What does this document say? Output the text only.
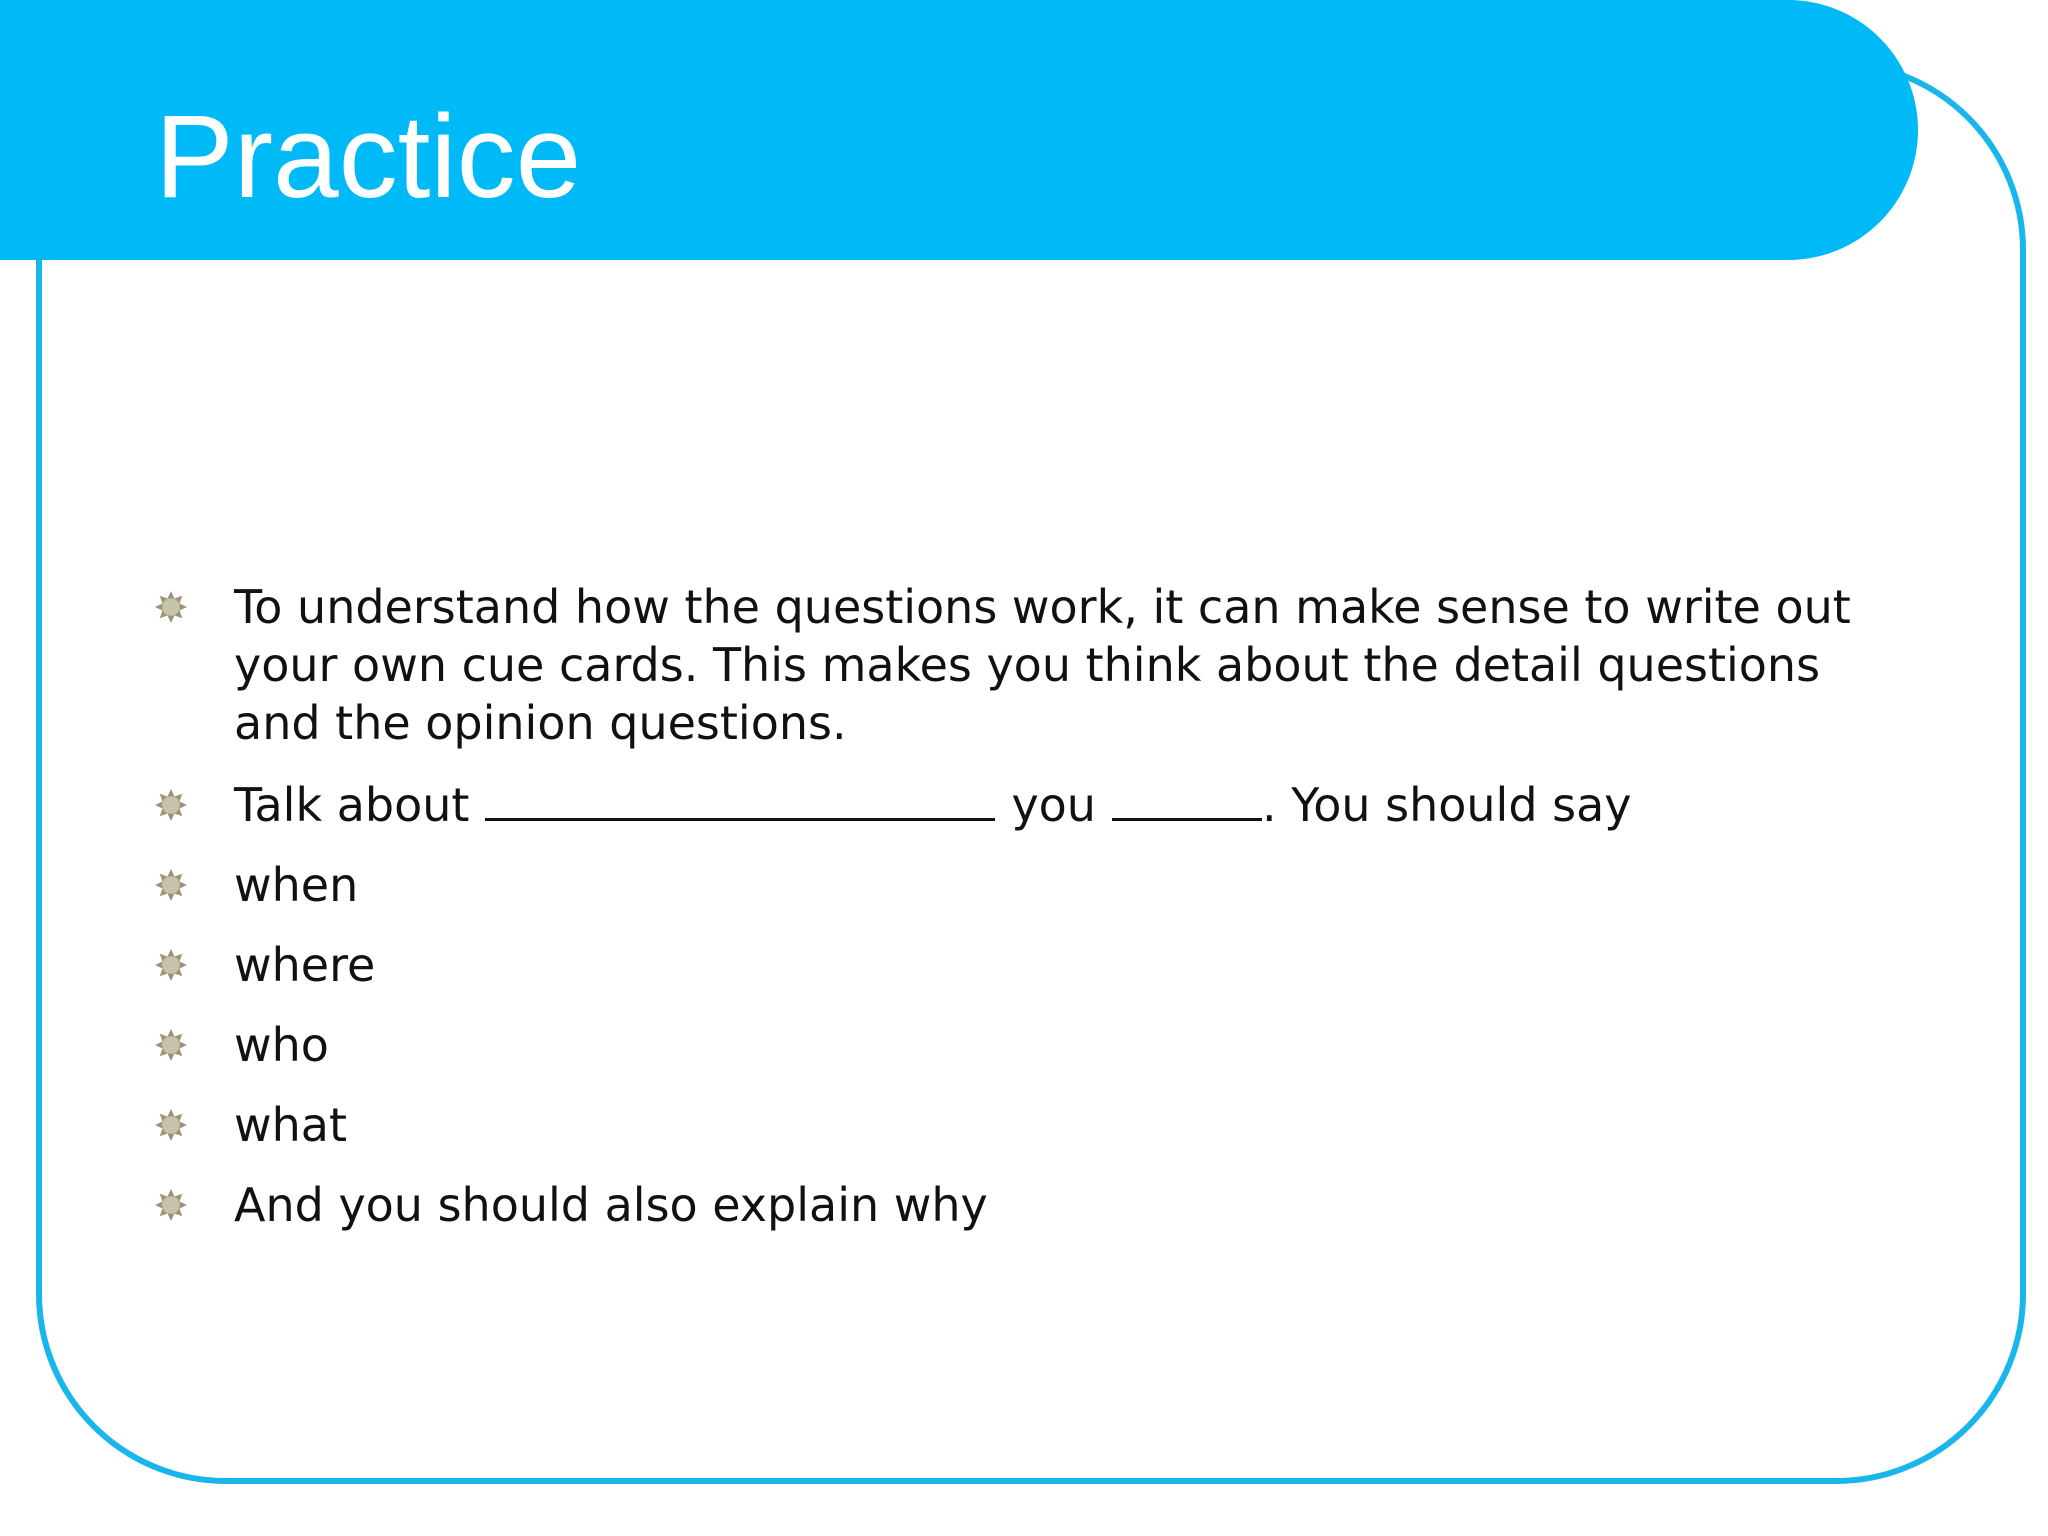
Practice
To understand how the questions work, it can make sense to write out your own cue cards. This makes you think about the detail questions and the opinion questions.
Talk about	you	. You should say
when
where
who
what
And you should also explain why
